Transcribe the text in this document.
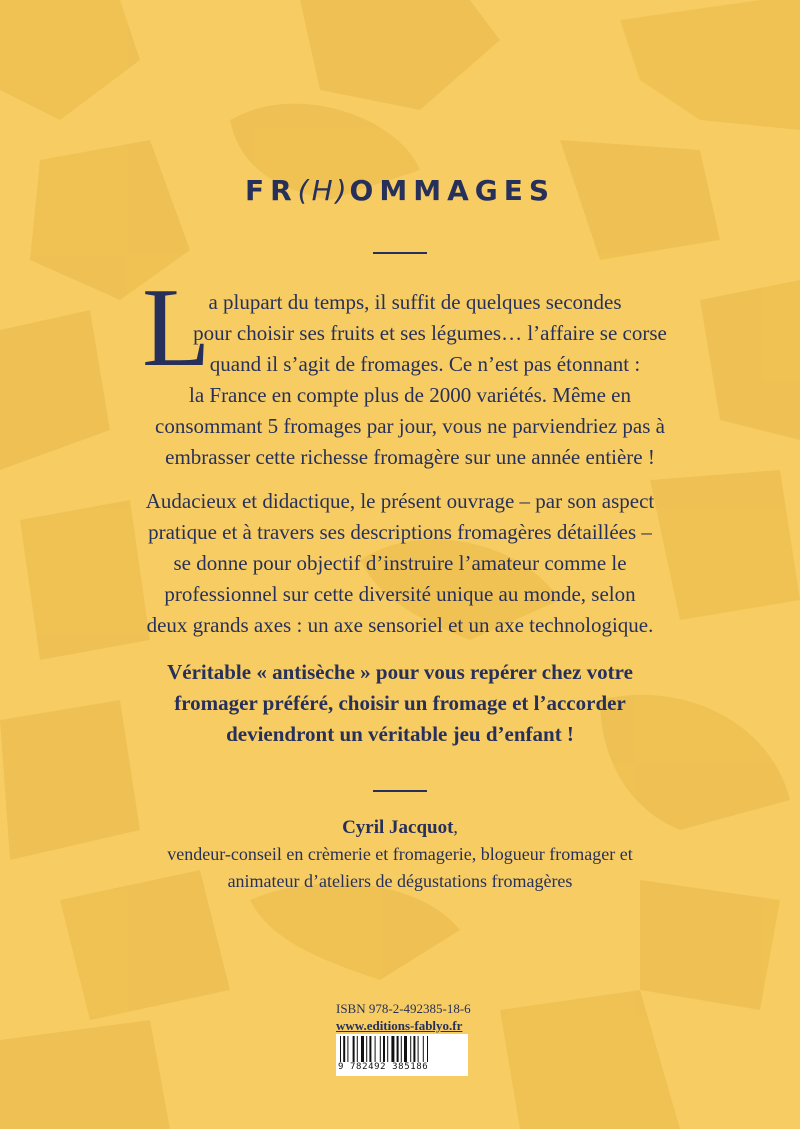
FR(H)OMMAGES
L
a plupart du temps, il suffit de quelques secondes
pour choisir ses fruits et ses légumes… l’affaire se corse
quand il s’agit de fromages. Ce n’est pas étonnant :
la France en compte plus de 2000 variétés. Même en
consommant 5 fromages par jour, vous ne parviendriez pas à
embrasser cette richesse fromagère sur une année entière !
Audacieux et didactique, le présent ouvrage – par son aspect
pratique et à travers ses descriptions fromagères détaillées –
se donne pour objectif d’instruire l’amateur comme le
professionnel sur cette diversité unique au monde, selon
deux grands axes : un axe sensoriel et un axe technologique.
Véritable « antisèche » pour vous repérer chez votre
fromager préféré, choisir un fromage et l’accorder
deviendront un véritable jeu d’enfant !
Cyril Jacquot,
vendeur-conseil en crèmerie et fromagerie, blogueur fromager et
animateur d’ateliers de dégustations fromagères
ISBN 978-2-492385-18-6
www.editions-fablyo.fr
9 782492 385186
